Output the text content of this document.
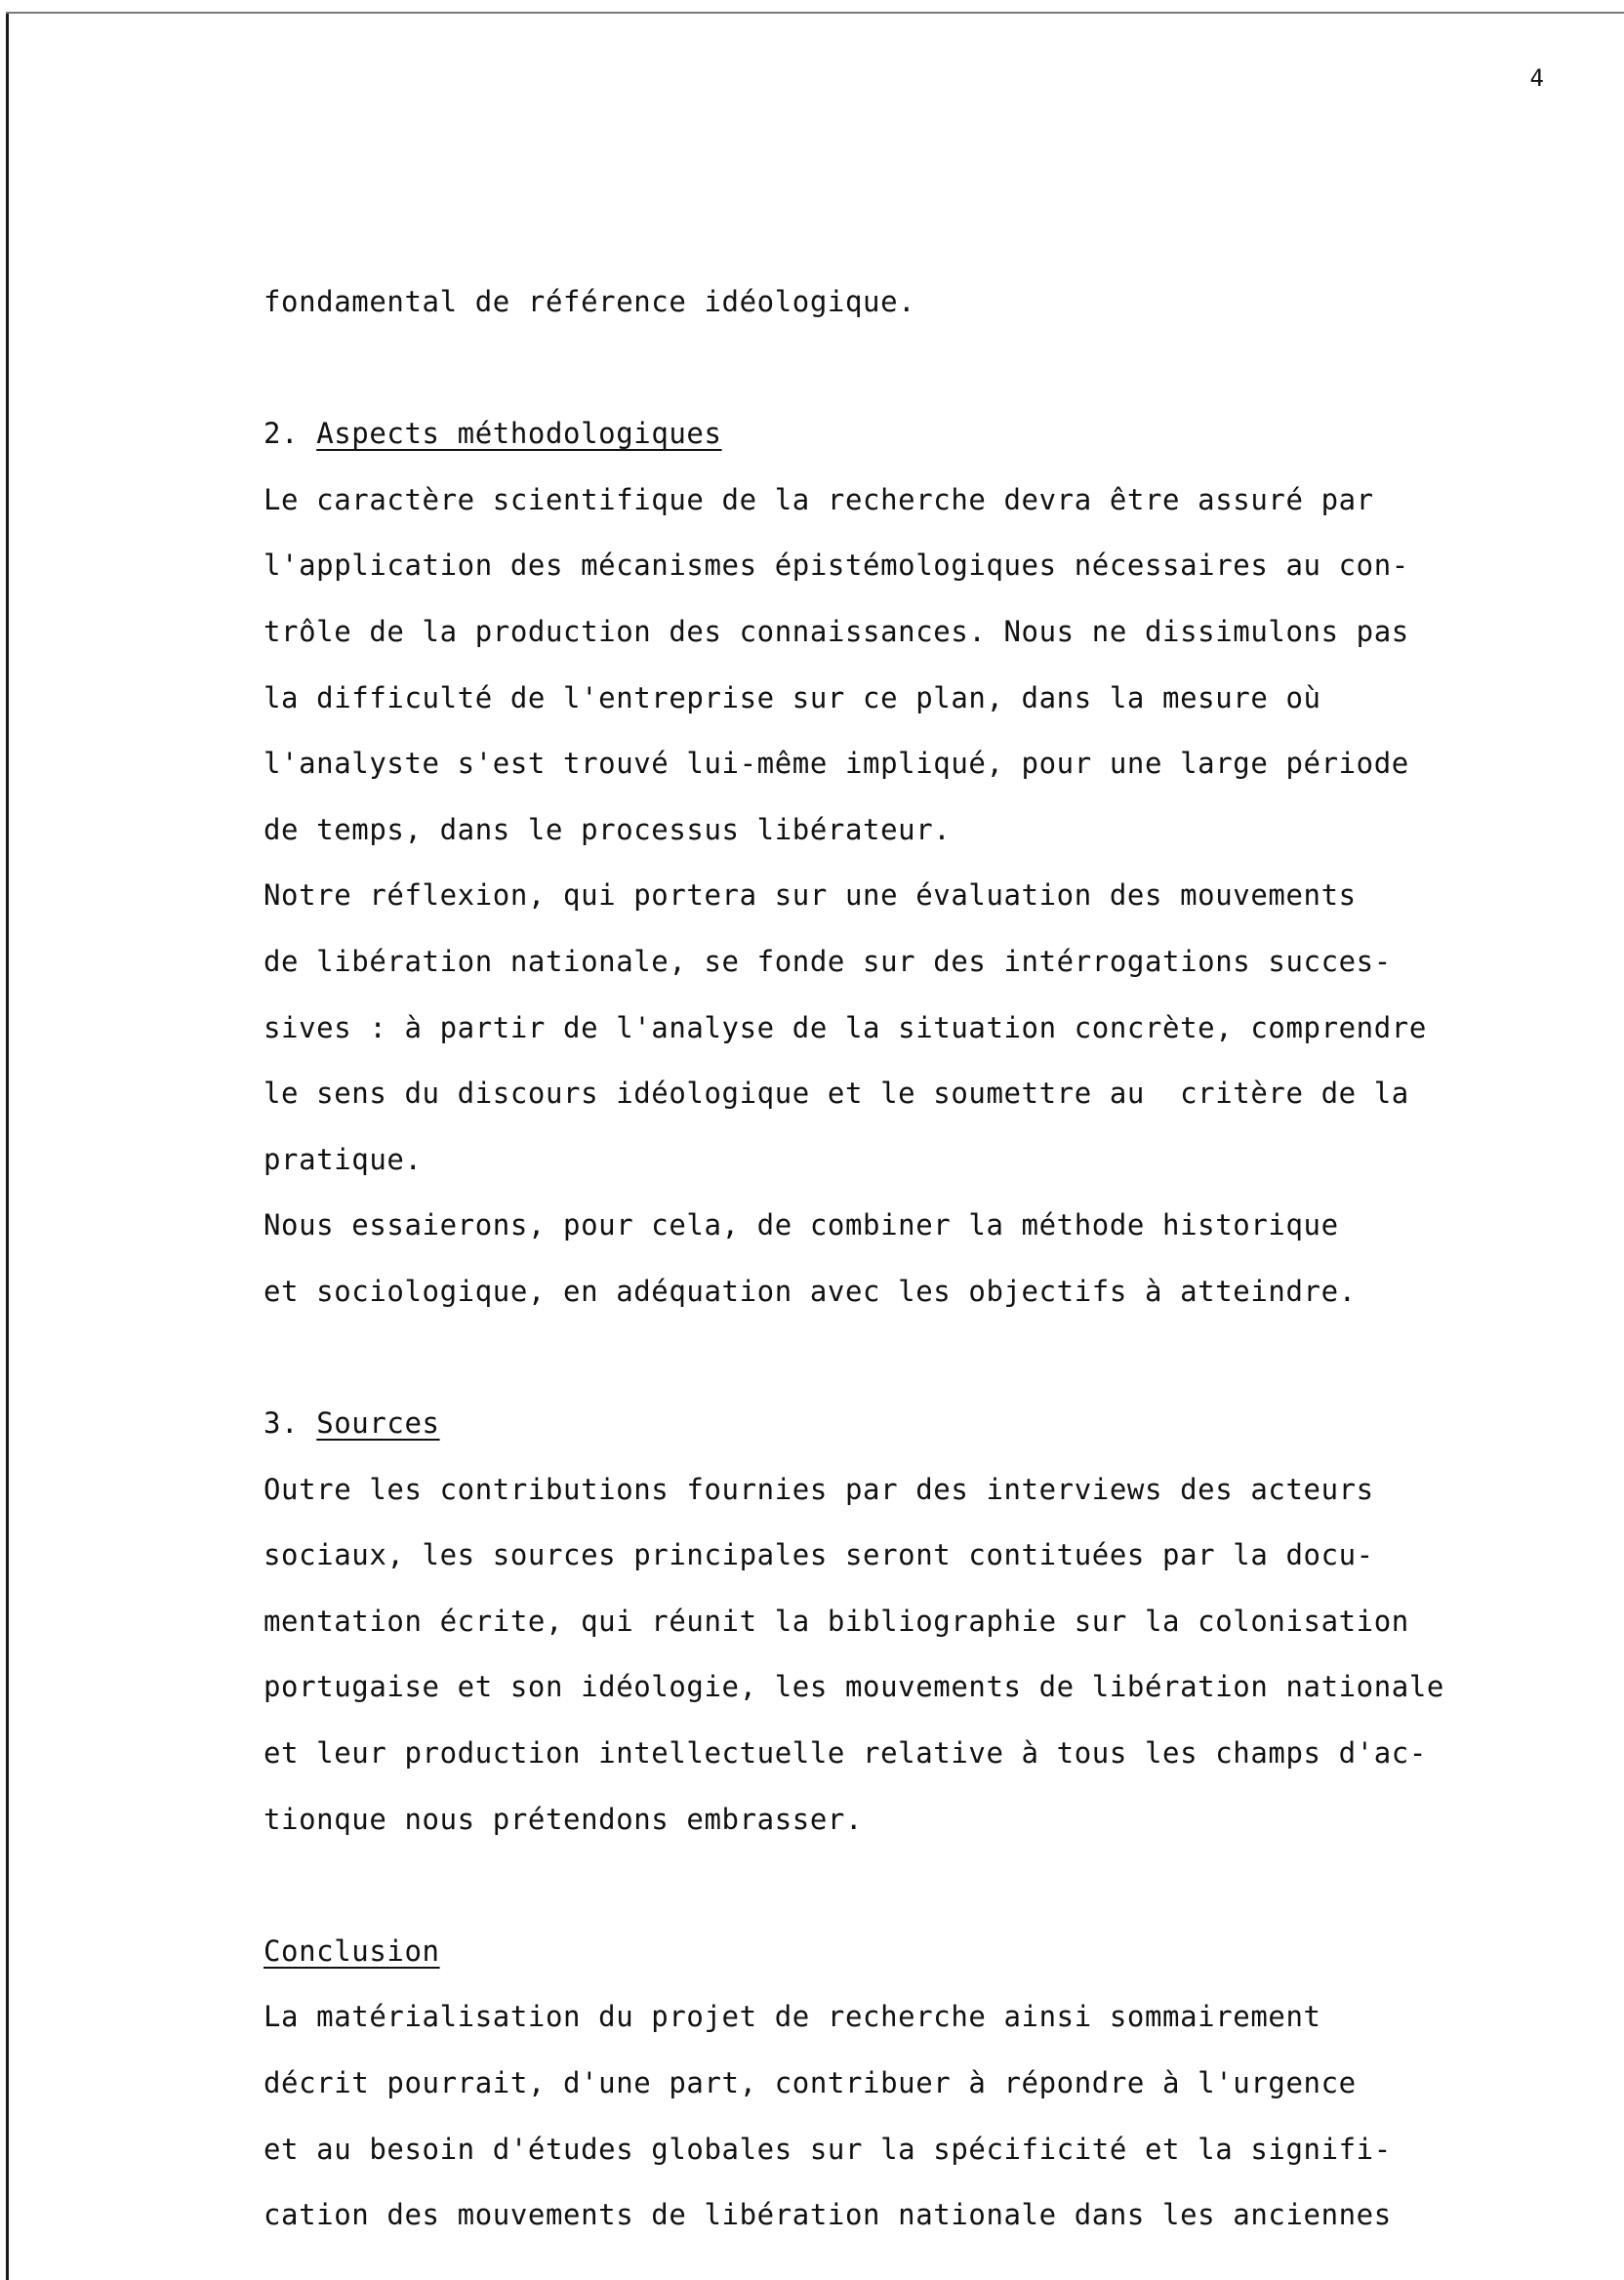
4
fondamental de référence idéologique.
2. Aspects méthodologiques
Le caractère scientifique de la recherche devra être assuré par
l'application des mécanismes épistémologiques nécessaires au con-
trôle de la production des connaissances. Nous ne dissimulons pas
la difficulté de l'entreprise sur ce plan, dans la mesure où
l'analyste s'est trouvé lui-même impliqué, pour une large période
de temps, dans le processus libérateur.
Notre réflexion, qui portera sur une évaluation des mouvements
de libération nationale, se fonde sur des intérrogations succes-
sives : à partir de l'analyse de la situation concrète, comprendre
le sens du discours idéologique et le soumettre au  critère de la
pratique.
Nous essaierons, pour cela, de combiner la méthode historique
et sociologique, en adéquation avec les objectifs à atteindre.
3. Sources
Outre les contributions fournies par des interviews des acteurs
sociaux, les sources principales seront contituées par la docu-
mentation écrite, qui réunit la bibliographie sur la colonisation
portugaise et son idéologie, les mouvements de libération nationale
et leur production intellectuelle relative à tous les champs d'ac-
tionque nous prétendons embrasser.
Conclusion
La matérialisation du projet de recherche ainsi sommairement
décrit pourrait, d'une part, contribuer à répondre à l'urgence
et au besoin d'études globales sur la spécificité et la signifi-
cation des mouvements de libération nationale dans les anciennes
